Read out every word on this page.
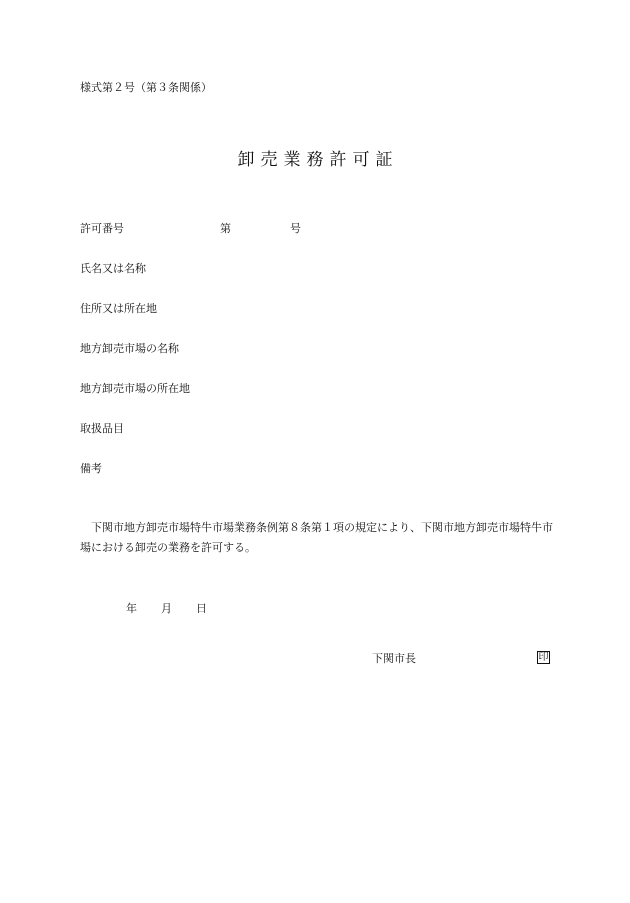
様式第２号（第３条関係）
卸売業務許可証
許可番号	第	号
氏名又は名称
住所又は所在地
地方卸売市場の名称
地方卸売市場の所在地
取扱品目
備考
下関市地方卸売市場特牛市場業務条例第８条第１項の規定により、下関市地方卸売市場特牛市場における卸売の業務を許可する。
年 月 日
下関市長	印
